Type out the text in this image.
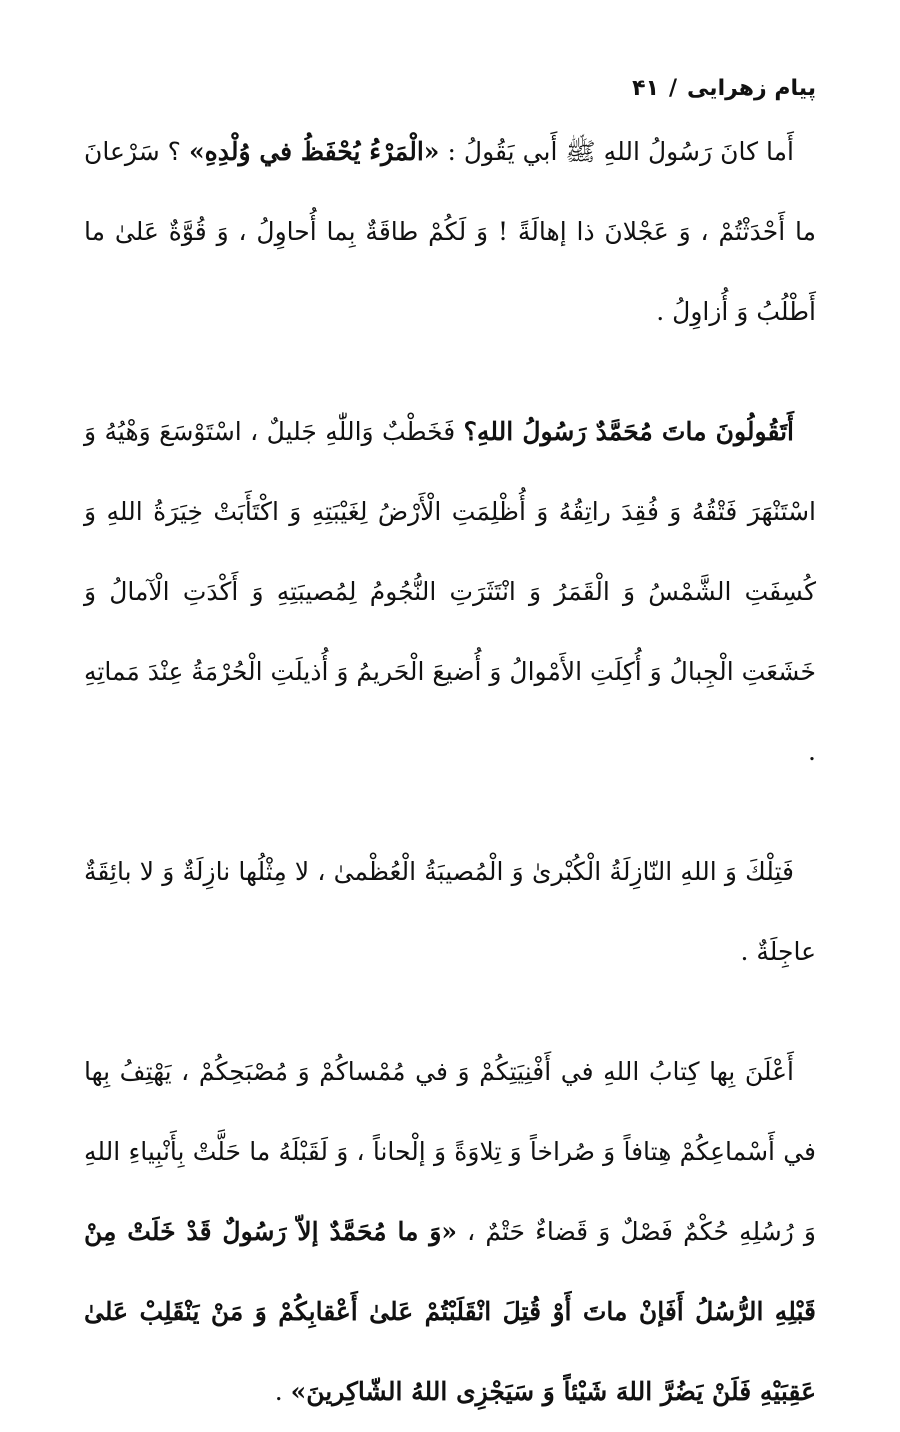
پیام زهرایی
/
۴۱

أَما كانَ رَسُولُ اللهِ ﷺ أَبي يَقُولُ : «الْمَرْءُ يُحْفَظُ في وُلْدِهِ» ؟ سَرْعانَ ما أَحْدَثْتُمْ ، وَ عَجْلانَ ذا إهالَةً ! وَ لَكُمْ طاقَةٌ بِما أُحاوِلُ ، وَ قُوَّةٌ عَلىٰ ما أَطْلُبُ وَ أُزاوِلُ .

أَتَقُولُونَ ماتَ مُحَمَّدٌ رَسُولُ اللهِ؟ فَخَطْبٌ وَاللّٰهِ جَليلٌ ، اسْتَوْسَعَ وَهْيُهُ وَ اسْتَنْهَرَ فَتْقُهُ وَ فُقِدَ راتِقُهُ وَ أُظْلِمَتِ الْأَرْضُ لِغَيْبَتِهِ وَ اكْتَأَبَتْ خِيَرَةُ اللهِ وَ كُسِفَتِ الشَّمْسُ وَ الْقَمَرُ وَ انْتَثَرَتِ النُّجُومُ لِمُصيبَتِهِ وَ أَكْدَتِ الْآمالُ وَ خَشَعَتِ الْجِبالُ وَ أُكِلَتِ الأَمْوالُ وَ أُضيعَ الْحَريمُ وَ أُذيلَتِ الْحُرْمَةُ عِنْدَ مَماتِهِ .

فَتِلْكَ وَ اللهِ النّازِلَةُ الْكُبْرىٰ وَ الْمُصيبَةُ الْعُظْمىٰ ، لا مِثْلُها نازِلَةٌ وَ لا بائِقَةٌ عاجِلَةٌ .

أَعْلَنَ بِها كِتابُ اللهِ في أَفْنِيَتِكُمْ وَ في مُمْساكُمْ وَ مُصْبَحِكُمْ ، يَهْتِفُ بِها في أَسْماعِكُمْ هِتافاً وَ صُراخاً وَ تِلاوَةً وَ إلْحاناً ، وَ لَقَبْلَهُ ما حَلَّتْ بِأَنْبِياءِ اللهِ وَ رُسُلِهِ حُكْمٌ فَصْلٌ وَ قَضاءٌ حَتْمٌ ، «وَ ما مُحَمَّدٌ إلاّ رَسُولٌ قَدْ خَلَتْ مِنْ قَبْلِهِ الرُّسُلُ أَفَإنْ ماتَ أَوْ قُتِلَ انْقَلَبْتُمْ عَلىٰ أَعْقابِكُمْ وَ مَنْ يَنْقَلِبْ عَلىٰ عَقِبَيْهِ فَلَنْ يَضُرَّ اللهَ شَيْئاً وَ سَيَجْزِى اللهُ الشّاكِرينَ» .
